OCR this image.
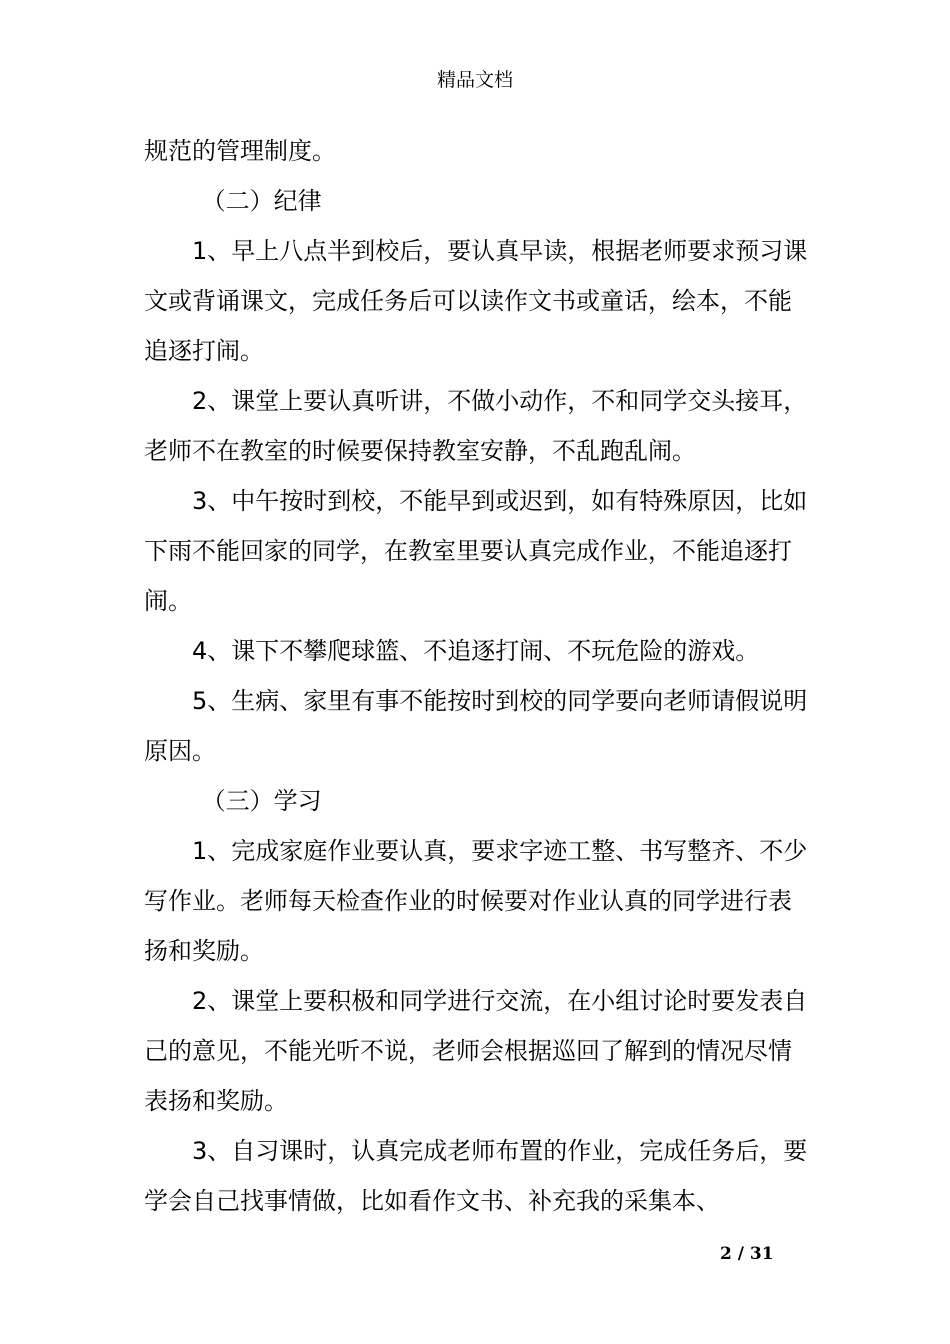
精品文档

规范的管理制度。

（二）纪律

1、早上八点半到校后，要认真早读，根据老师要求预习课文或背诵课文，完成任务后可以读作文书或童话，绘本，不能追逐打闹。

2、课堂上要认真听讲，不做小动作，不和同学交头接耳，老师不在教室的时候要保持教室安静，不乱跑乱闹。

3、中午按时到校，不能早到或迟到，如有特殊原因，比如下雨不能回家的同学，在教室里要认真完成作业，不能追逐打闹。

4、课下不攀爬球篮、不追逐打闹、不玩危险的游戏。

5、生病、家里有事不能按时到校的同学要向老师请假说明原因。

（三）学习

1、完成家庭作业要认真，要求字迹工整、书写整齐、不少写作业。老师每天检查作业的时候要对作业认真的同学进行表扬和奖励。

2、课堂上要积极和同学进行交流，在小组讨论时要发表自己的意见，不能光听不说，老师会根据巡回了解到的情况尽情表扬和奖励。

3、自习课时，认真完成老师布置的作业，完成任务后，要学会自己找事情做，比如看作文书、补充我的采集本、

2 / 31
